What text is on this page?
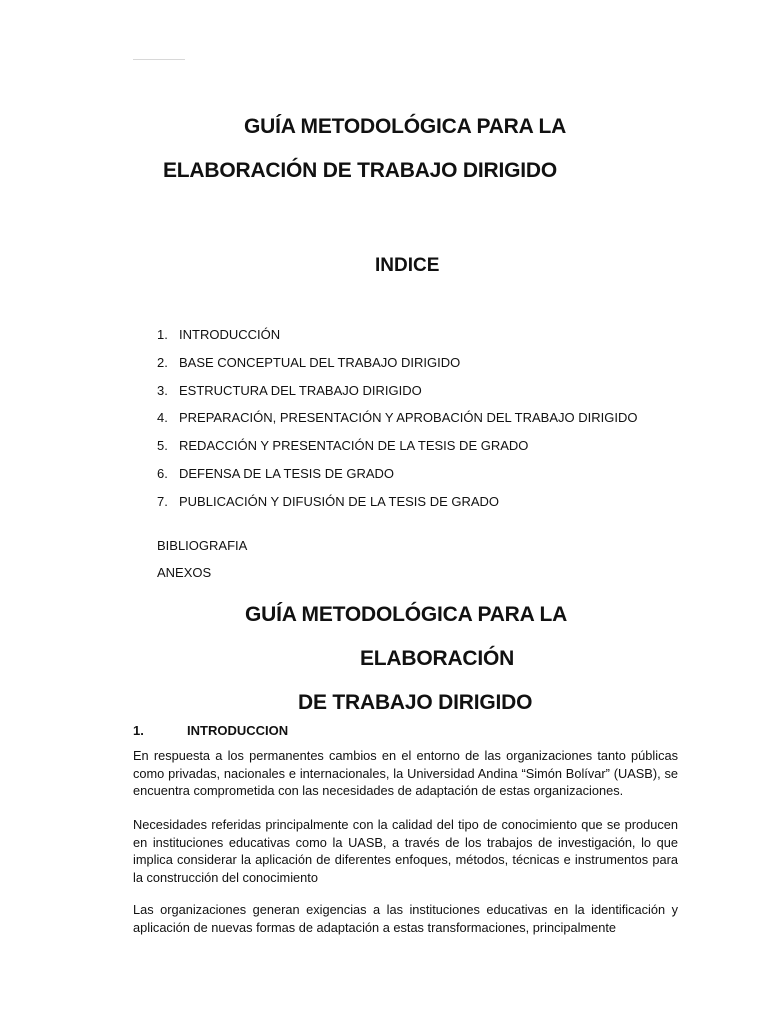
GUÍA METODOLÓGICA PARA LA
ELABORACIÓN DE TRABAJO DIRIGIDO
INDICE
1. INTRODUCCIÓN
2. BASE CONCEPTUAL DEL TRABAJO DIRIGIDO
3. ESTRUCTURA DEL TRABAJO DIRIGIDO
4. PREPARACIÓN, PRESENTACIÓN Y APROBACIÓN DEL TRABAJO DIRIGIDO
5. REDACCIÓN Y PRESENTACIÓN DE LA TESIS DE GRADO
6. DEFENSA DE LA TESIS DE GRADO
7. PUBLICACIÓN Y DIFUSIÓN DE LA TESIS DE GRADO
BIBLIOGRAFIA
ANEXOS
GUÍA METODOLÓGICA PARA LA
ELABORACIÓN
DE TRABAJO DIRIGIDO
1.	INTRODUCCION

En respuesta a los permanentes cambios en el entorno de las organizaciones tanto públicas como privadas, nacionales e internacionales, la Universidad Andina “Simón Bolívar” (UASB), se encuentra comprometida con las necesidades de adaptación de estas organizaciones.

Necesidades referidas principalmente con la calidad del tipo de conocimiento que se producen en instituciones educativas como la UASB, a través de los trabajos de investigación, lo que implica considerar la aplicación de diferentes enfoques, métodos, técnicas e instrumentos para la construcción del conocimiento

Las organizaciones generan exigencias a las instituciones educativas en la identificación y aplicación de nuevas formas de adaptación a estas transformaciones, principalmente
